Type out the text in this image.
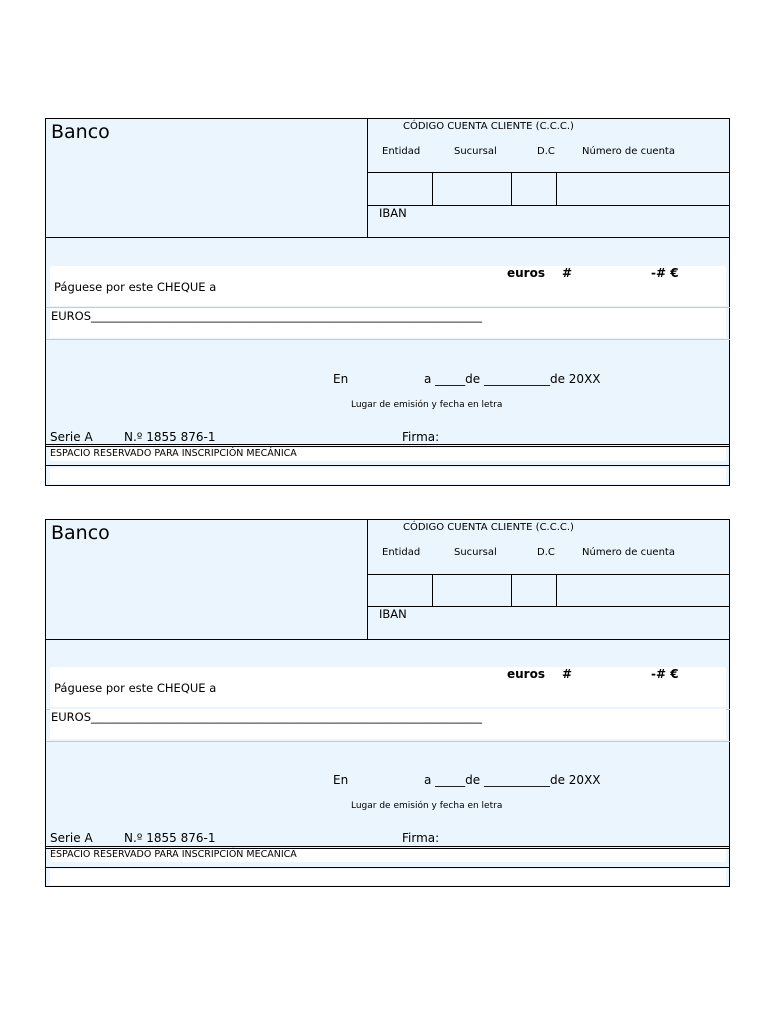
Banco	CÓDIGO CUENTA CLIENTE (C.C.C.)
Entidad	Sucursal	D.C	Número de cuenta
IBAN
euros #	-# €
Páguese por este CHEQUE a
EUROS____________________________________________________________________
En	a _____de ___________de 20XX
Lugar de emisión y fecha en letra
Serie A	N.º 1855 876-1	Firma:
ESPACIO RESERVADO PARA INSCRIPCIÓN MECÁNICA
Banco	CÓDIGO CUENTA CLIENTE (C.C.C.)
Entidad	Sucursal	D.C	Número de cuenta
IBAN
euros #	-# €
Páguese por este CHEQUE a
EUROS____________________________________________________________________
En	a _____de ___________de 20XX
Lugar de emisión y fecha en letra
Serie A	N.º 1855 876-1	Firma:
ESPACIO RESERVADO PARA INSCRIPCIÓN MECÁNICA
